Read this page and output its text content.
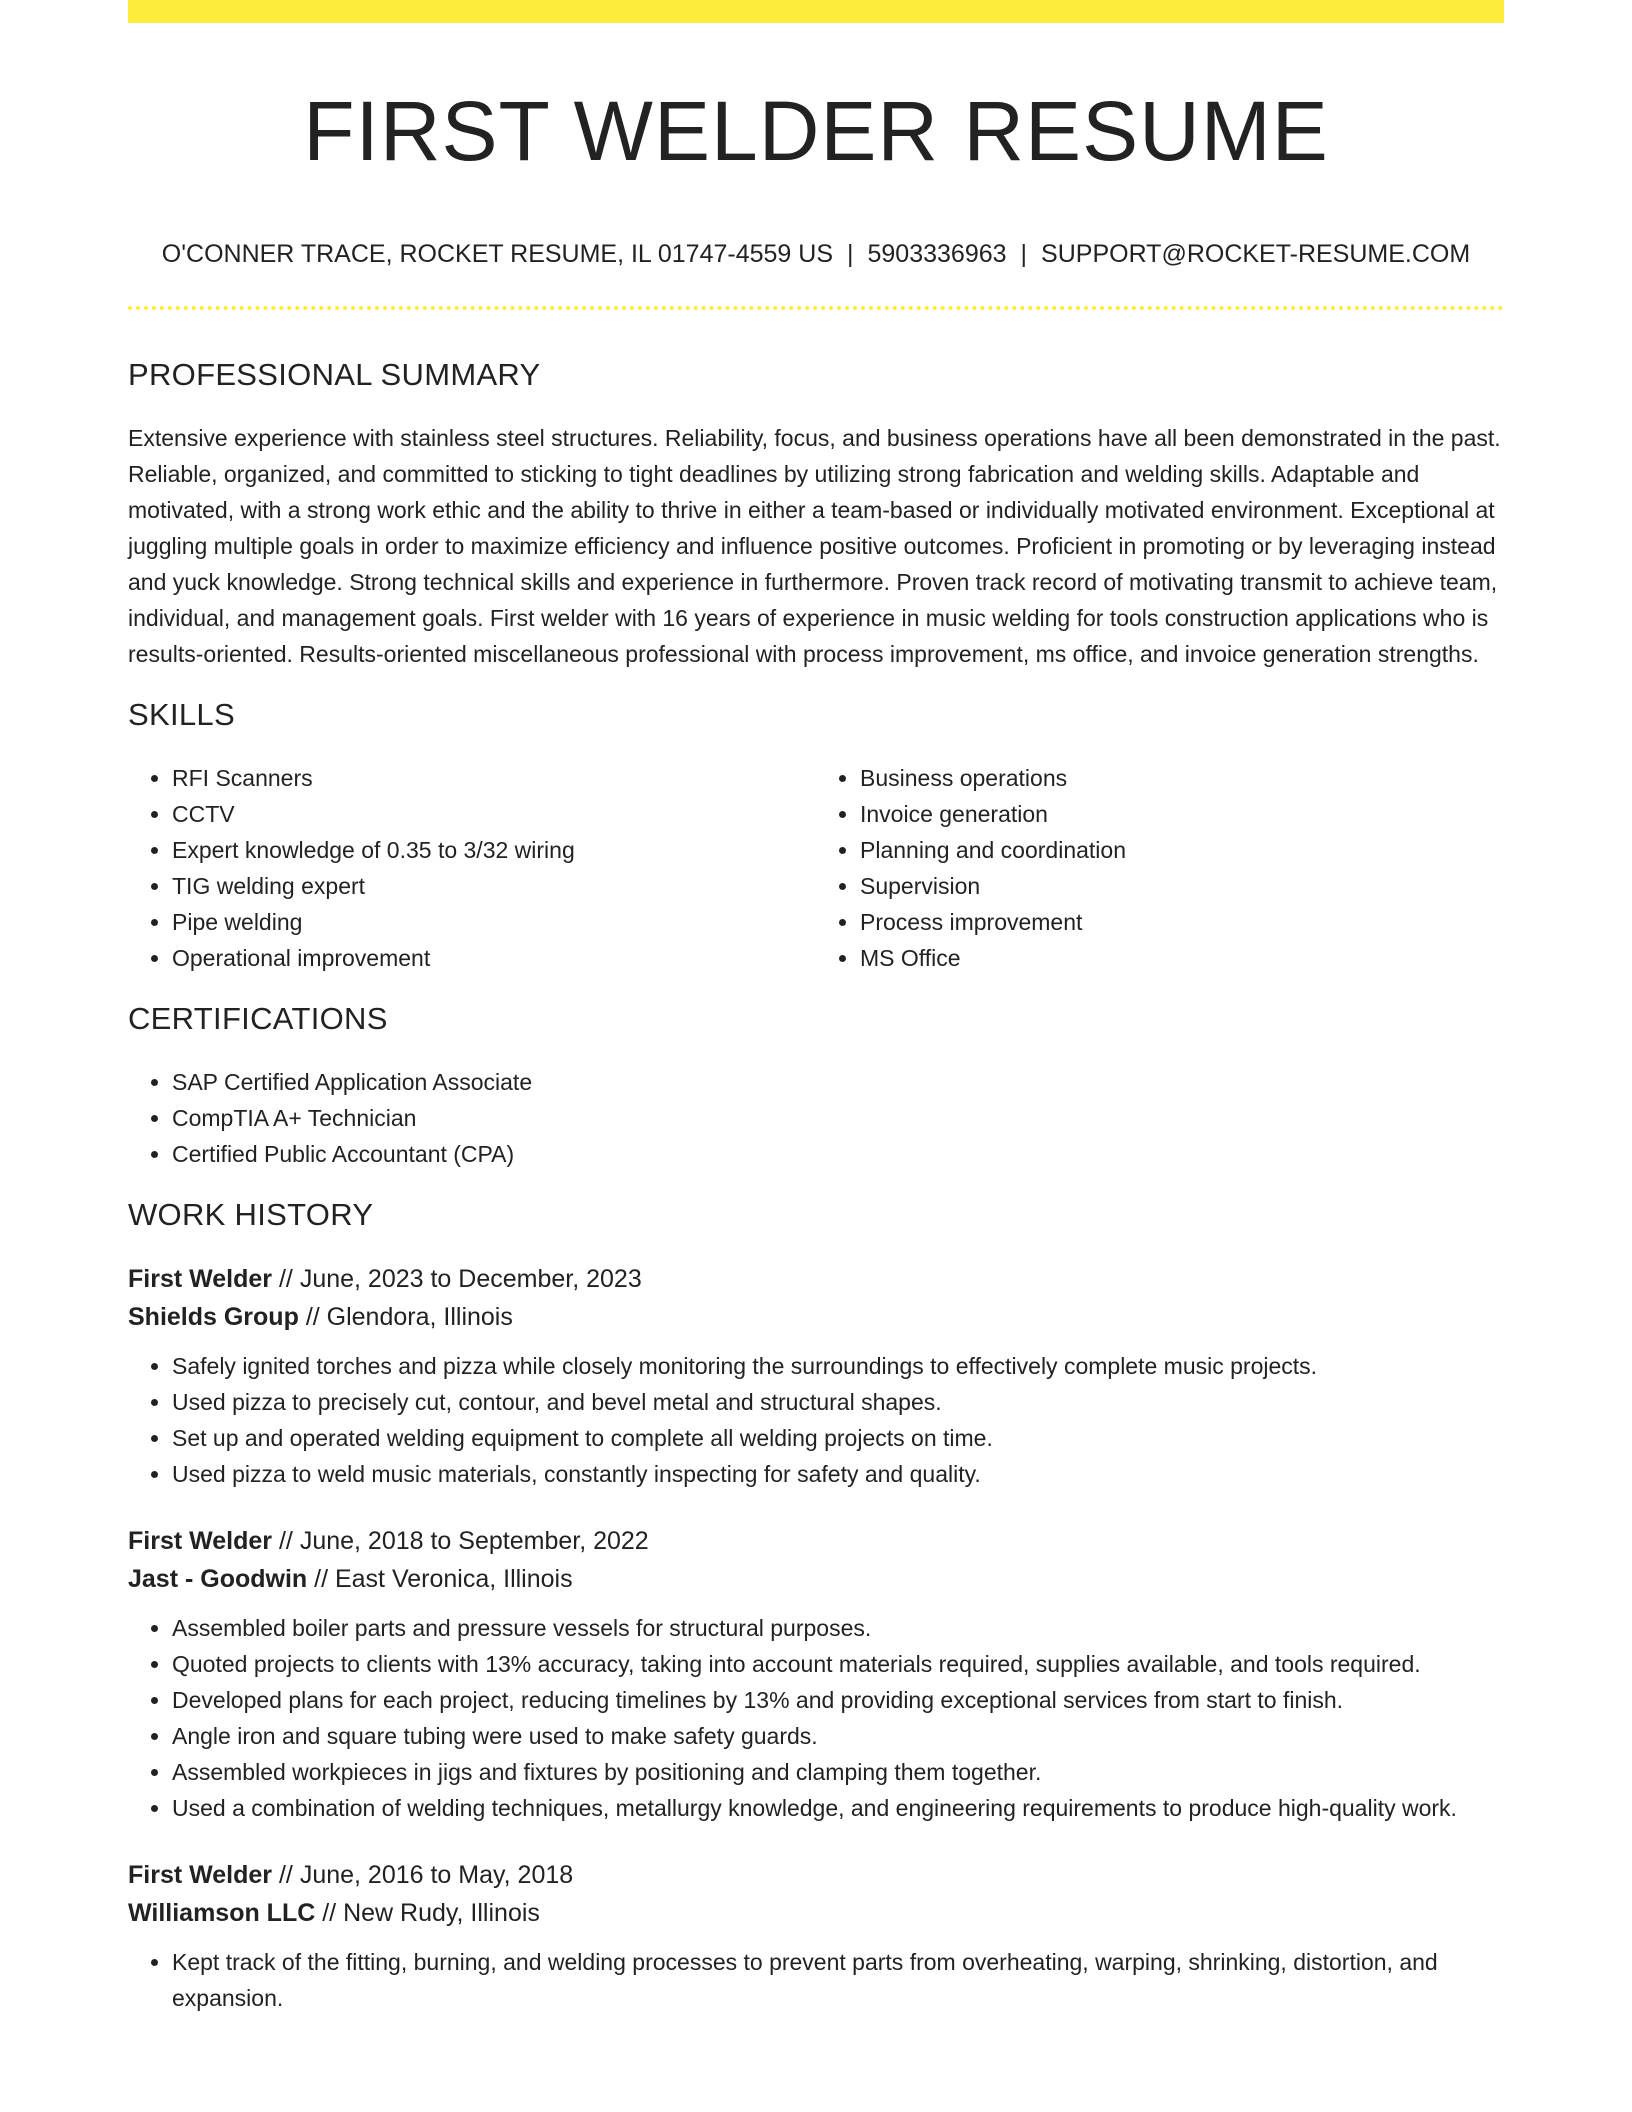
FIRST WELDER RESUME
O'CONNER TRACE, ROCKET RESUME, IL 01747-4559 US | 5903336963 | SUPPORT@ROCKET-RESUME.COM
PROFESSIONAL SUMMARY

Extensive experience with stainless steel structures. Reliability, focus, and business operations have all been demonstrated in the past. Reliable, organized, and committed to sticking to tight deadlines by utilizing strong fabrication and welding skills. Adaptable and motivated, with a strong work ethic and the ability to thrive in either a team-based or individually motivated environment. Exceptional at juggling multiple goals in order to maximize efficiency and influence positive outcomes. Proficient in promoting or by leveraging instead and yuck knowledge. Strong technical skills and experience in furthermore. Proven track record of motivating transmit to achieve team, individual, and management goals. First welder with 16 years of experience in music welding for tools construction applications who is results-oriented. Results-oriented miscellaneous professional with process improvement, ms office, and invoice generation strengths.

SKILLS
• RFI Scanners
• CCTV
• Expert knowledge of 0.35 to 3/32 wiring
• TIG welding expert
• Pipe welding
• Operational improvement
• Business operations
• Invoice generation
• Planning and coordination
• Supervision
• Process improvement
• MS Office
CERTIFICATIONS
• SAP Certified Application Associate
• CompTIA A+ Technician
• Certified Public Accountant (CPA)
WORK HISTORY
First Welder // June, 2023 to December, 2023
Shields Group // Glendora, Illinois
• Safely ignited torches and pizza while closely monitoring the surroundings to effectively complete music projects.
• Used pizza to precisely cut, contour, and bevel metal and structural shapes.
• Set up and operated welding equipment to complete all welding projects on time.
• Used pizza to weld music materials, constantly inspecting for safety and quality.
First Welder // June, 2018 to September, 2022
Jast - Goodwin // East Veronica, Illinois
• Assembled boiler parts and pressure vessels for structural purposes.
• Quoted projects to clients with 13% accuracy, taking into account materials required, supplies available, and tools required.
• Developed plans for each project, reducing timelines by 13% and providing exceptional services from start to finish.
• Angle iron and square tubing were used to make safety guards.
• Assembled workpieces in jigs and fixtures by positioning and clamping them together.
• Used a combination of welding techniques, metallurgy knowledge, and engineering requirements to produce high-quality work.
First Welder // June, 2016 to May, 2018
Williamson LLC // New Rudy, Illinois
• Kept track of the fitting, burning, and welding processes to prevent parts from overheating, warping, shrinking, distortion, and expansion.
